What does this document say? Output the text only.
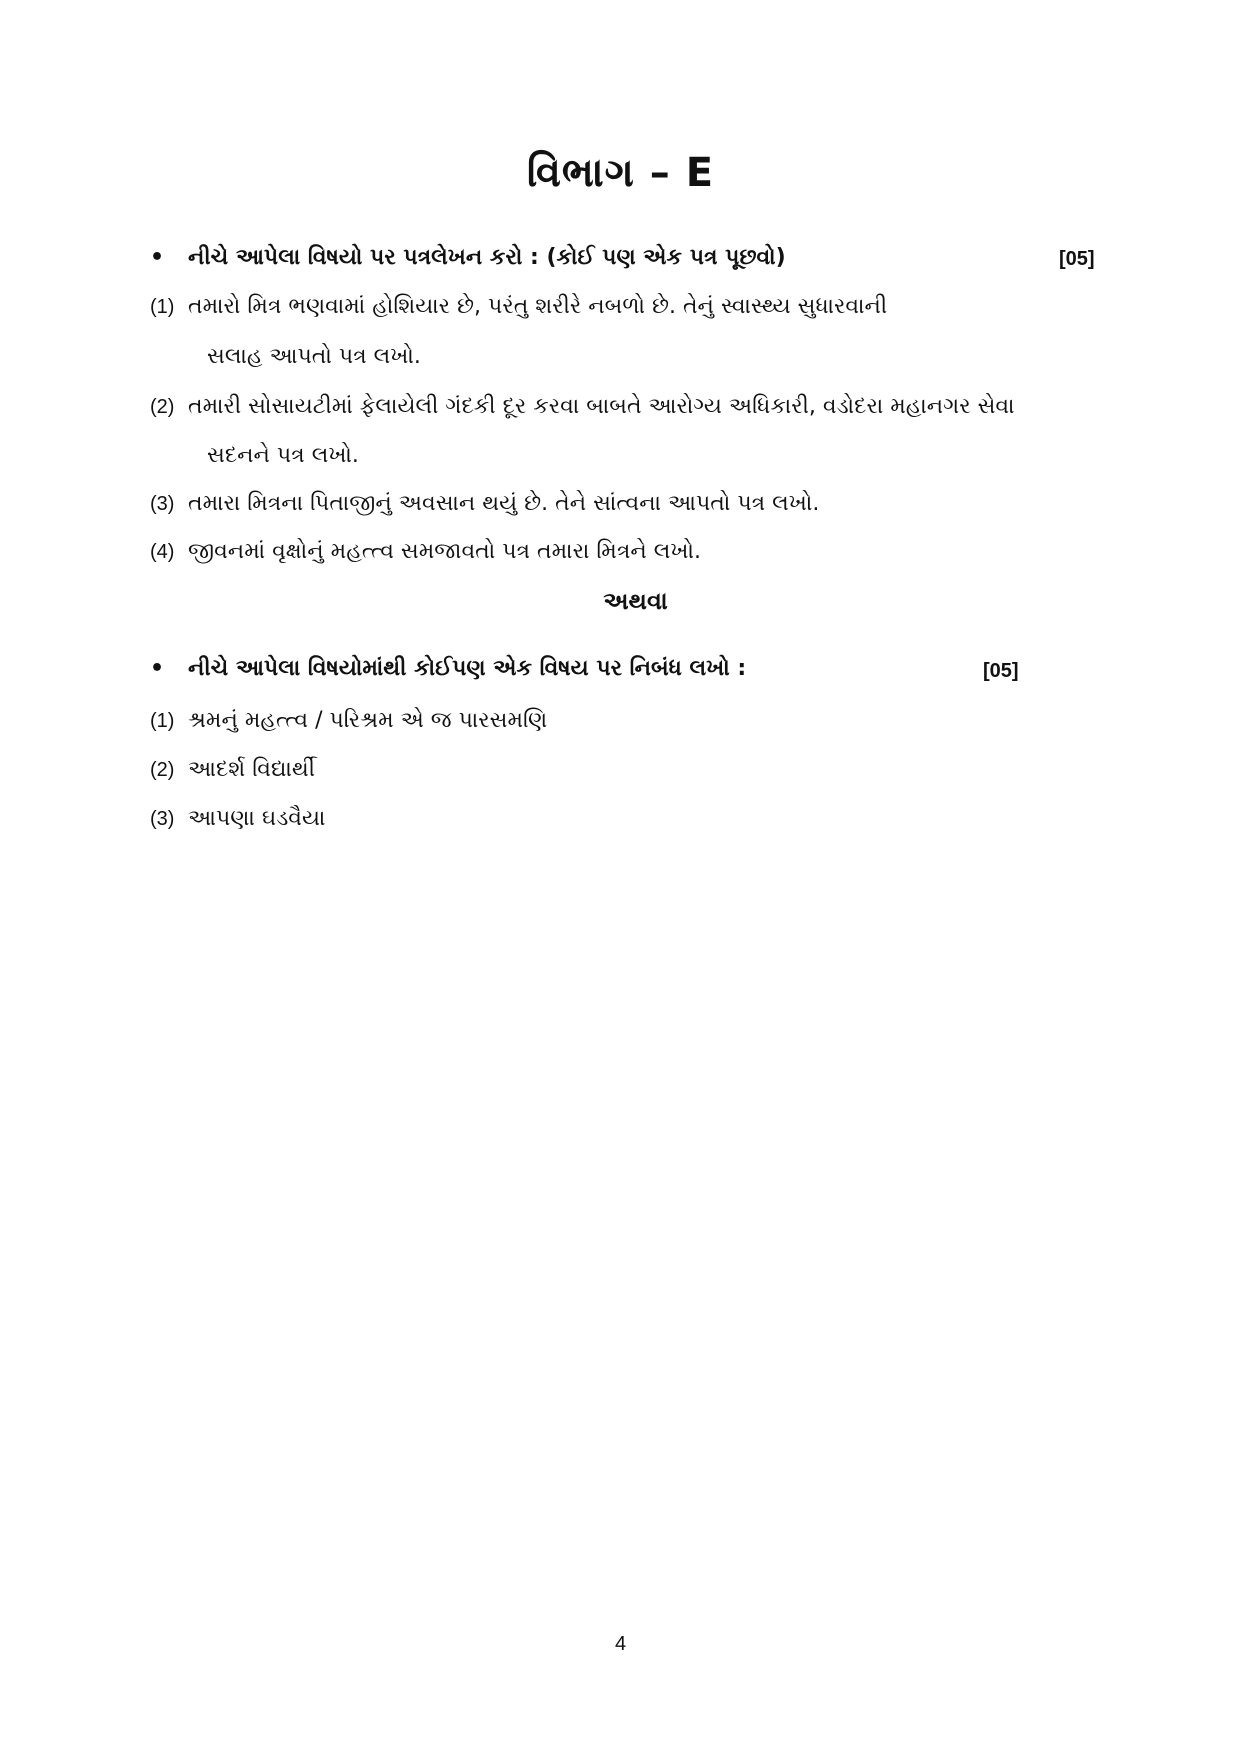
વિભાગ – E
• નીચે આપેલા વિષયો પર પત્રલેખન કરો : (કોઈ પણ એક પત્ર પૂછવો)	[05]
(1) તમારો મિત્ર ભણવામાં હોશિયાર છે, પરંતુ શરીરે નબળો છે. તેનું સ્વાસ્થ્ય સુધારવાની
સલાહ આપતો પત્ર લખો.
(2) તમારી સોસાયટીમાં ફેલાયેલી ગંદકી દૂર કરવા બાબતે આરોગ્ય અધિકારી, વડોદરા મહાનગર સેવા
સદનને પત્ર લખો.
(3) તમારા મિત્રના પિતાજીનું અવસાન થયું છે. તેને સાંત્વના આપતો પત્ર લખો.
(4) જીવનમાં વૃક્ષોનું મહત્ત્વ સમજાવતો પત્ર તમારા મિત્રને લખો.
અથવા
• નીચે આપેલા વિષયોમાંથી કોઈપણ એક વિષય પર નિબંધ લખો :	[05]
(1) શ્રમનું મહત્ત્વ / પરિશ્રમ એ જ પારસમણિ
(2) આદર્શ વિદ્યાર્થી
(3) આપણા ઘડવૈયા
4
